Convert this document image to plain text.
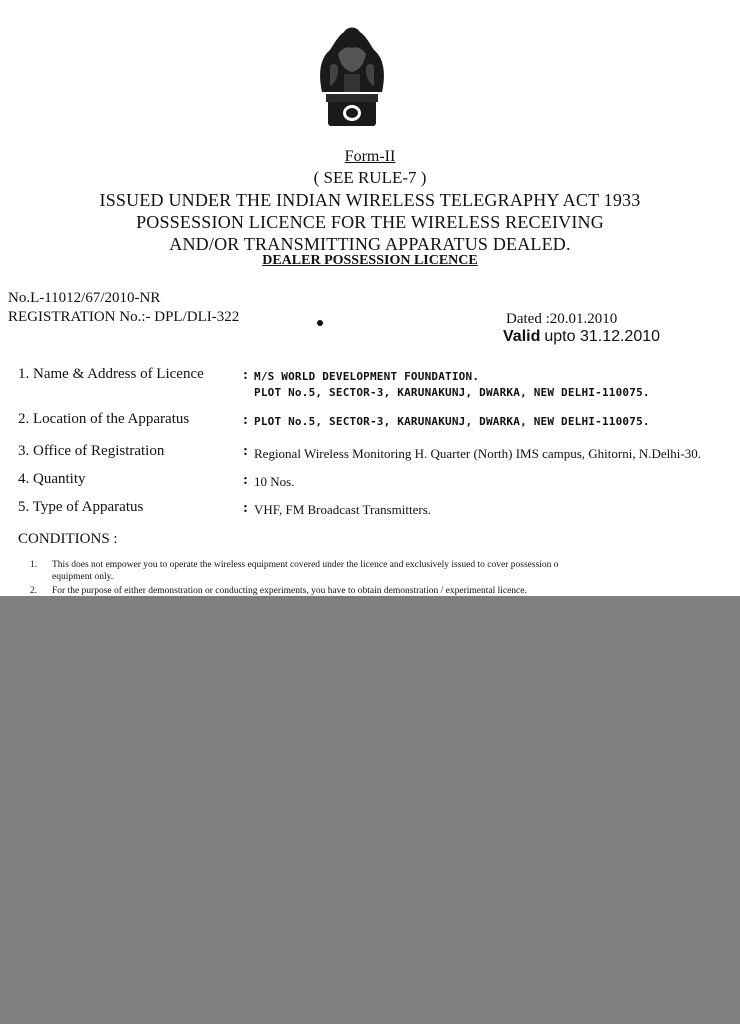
Form-II
( SEE RULE-7 )
ISSUED UNDER THE INDIAN WIRELESS TELEGRAPHY ACT 1933
POSSESSION LICENCE FOR THE WIRELESS RECEIVING
AND/OR TRANSMITTING APPARATUS DEALED.
DEALER POSSESSION LICENCE
No.L-11012/67/2010-NR
REGISTRATION No.:- DPL/DLI-322	Dated :20.01.2010
Valid upto 31.12.2010
1. Name & Address of Licence	: M/S WORLD DEVELOPMENT FOUNDATION.
PLOT No.5, SECTOR-3, KARUNAKUNJ, DWARKA, NEW DELHI-110075.
2. Location of the Apparatus	: PLOT No.5, SECTOR-3, KARUNAKUNJ, DWARKA, NEW DELHI-110075.
3. Office of Registration	: Regional Wireless Monitoring H. Quarter (North) IMS campus, Ghitorni, N.Delhi-30.
4. Quantity	: 10 Nos.
5. Type of Apparatus	: VHF, FM Broadcast Transmitters.
CONDITIONS :
1. This does not empower you to operate the wireless equipment covered under the licence and exclusively issued to cover possession o
equipment only.
2. For the purpose of either demonstration or conducting experiments, you have to obtain demonstration / experimental licence.
